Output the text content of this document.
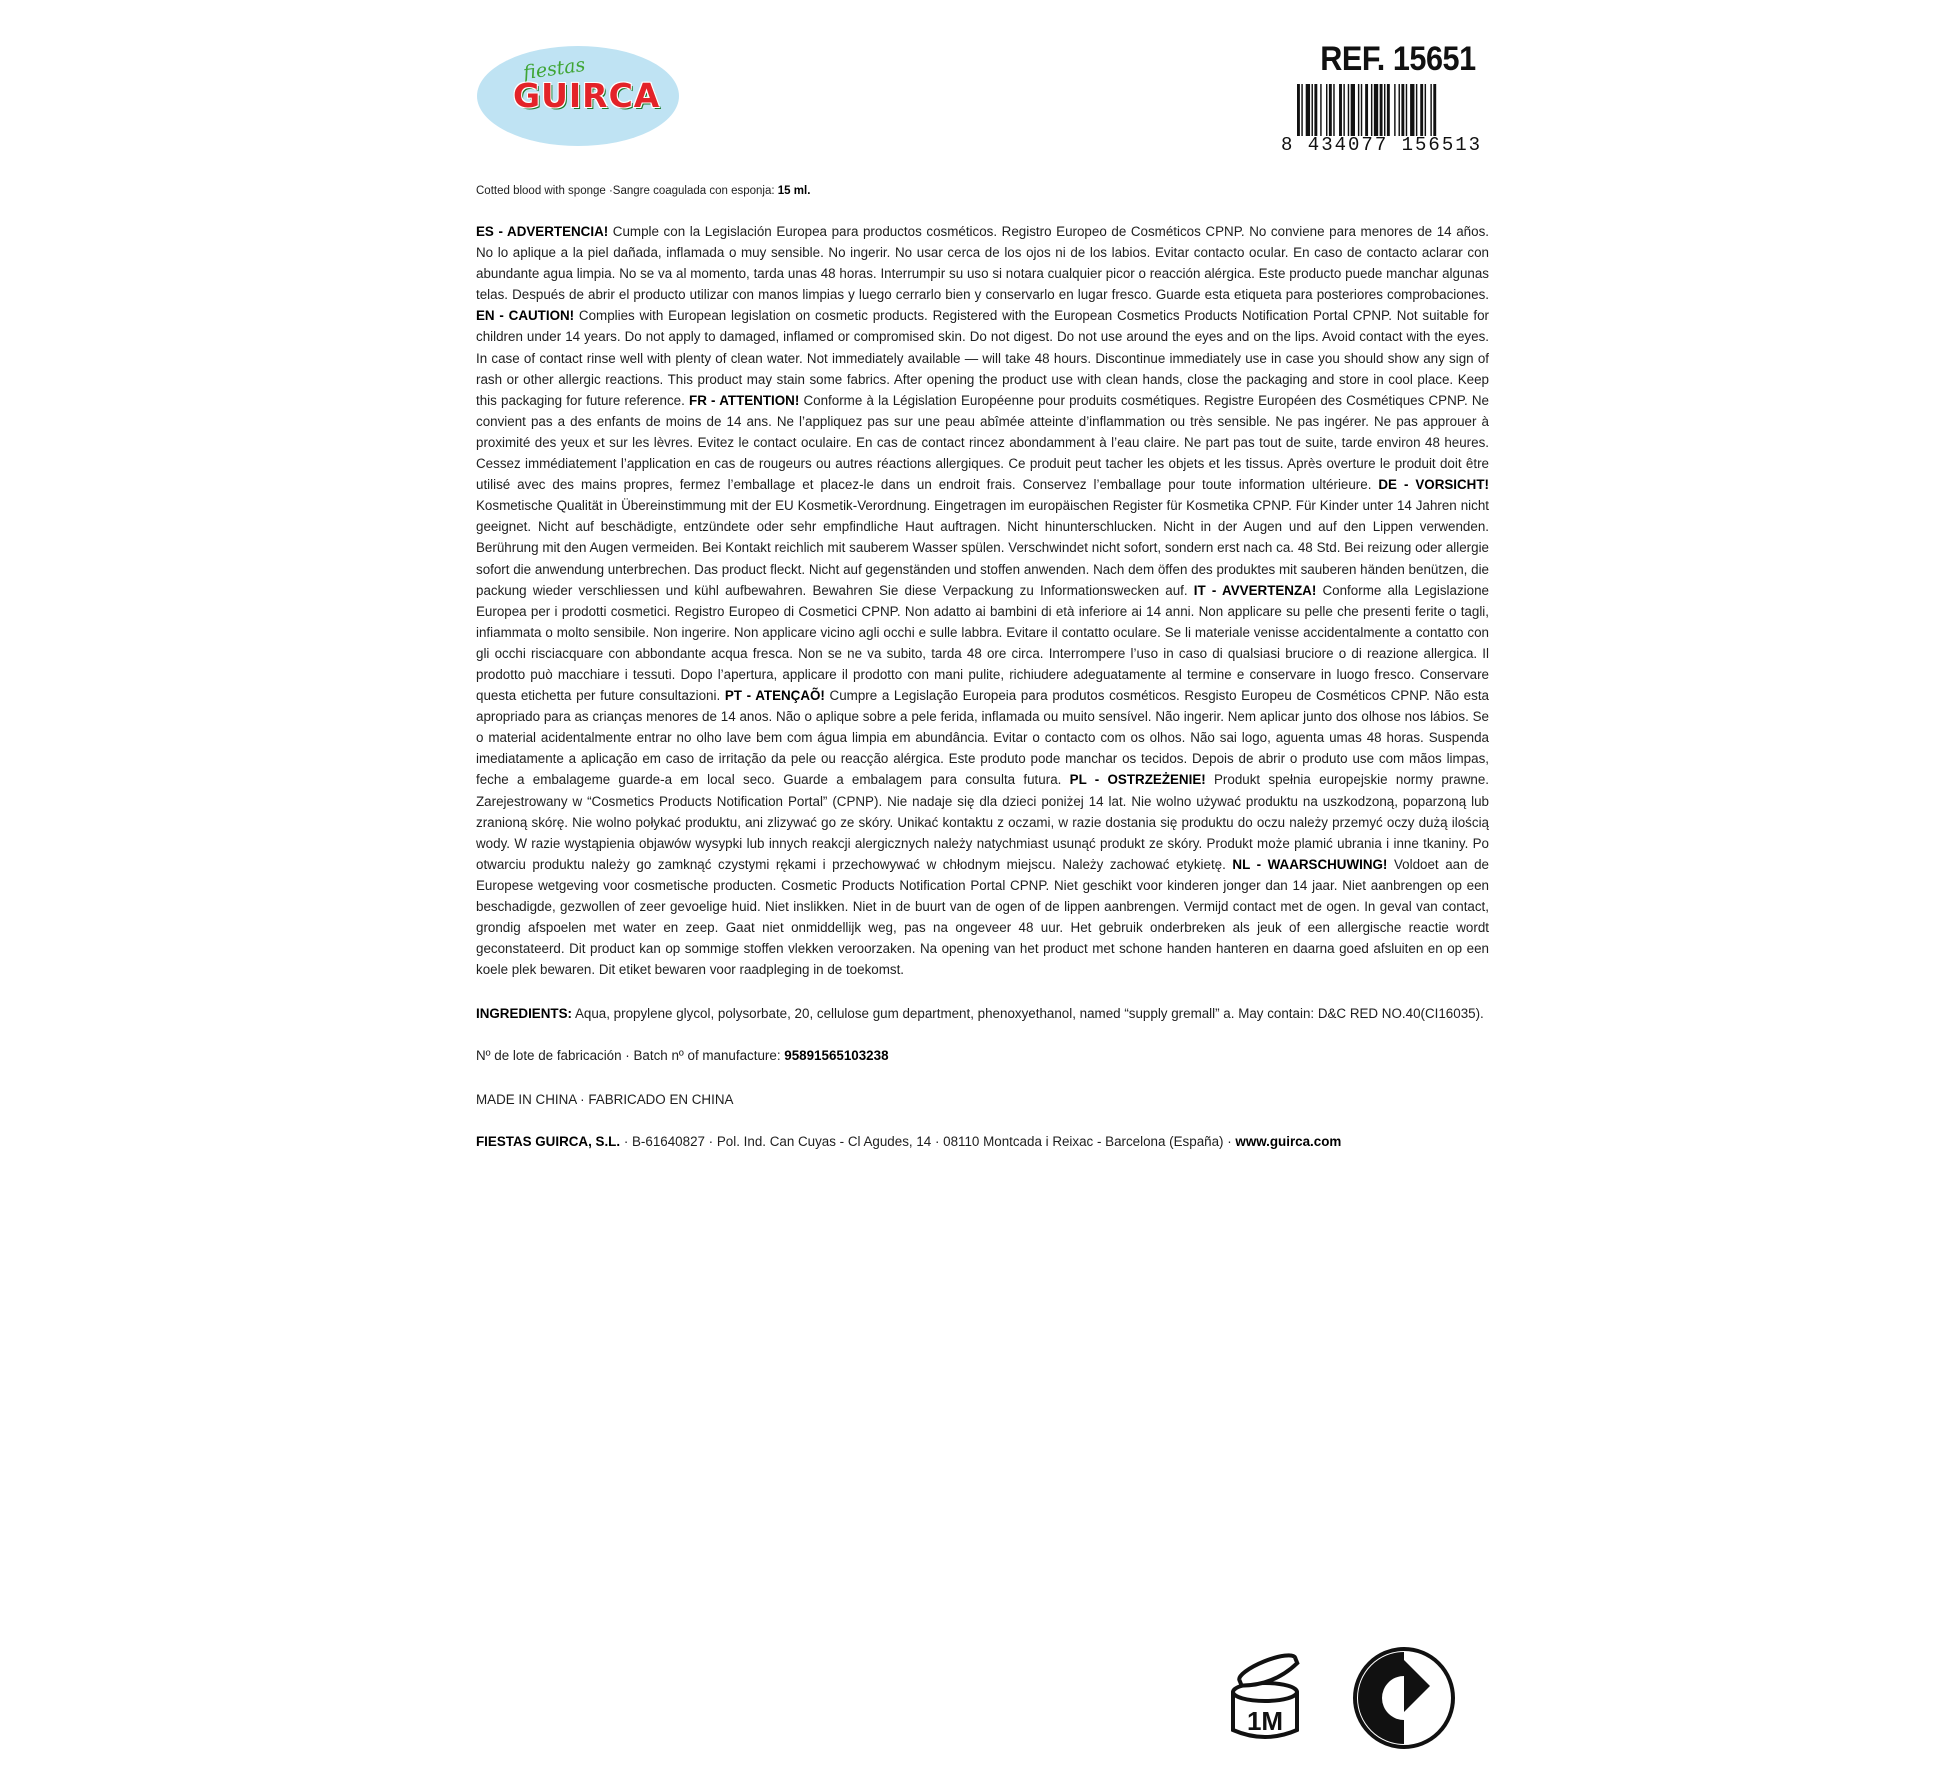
fiestas
GUIRCA
REF. 15651
8 434077 156513
Cotted blood with sponge ·Sangre coagulada con esponja: 15 ml.
ES - ADVERTENCIA! Cumple con la Legislación Europea para productos cosméticos. Registro Europeo de Cosméticos CPNP. No conviene para menores de 14 años. No lo aplique a la piel dañada, inflamada o muy sensible. No ingerir. No usar cerca de los ojos ni de los labios. Evitar contacto ocular. En caso de contacto aclarar con abundante agua limpia. No se va al momento, tarda unas 48 horas. Interrumpir su uso si notara cualquier picor o reacción alérgica. Este producto puede manchar algunas telas. Después de abrir el producto utilizar con manos limpias y luego cerrarlo bien y conservarlo en lugar fresco. Guarde esta etiqueta para posteriores comprobaciones. EN - CAUTION! Complies with European legislation on cosmetic products. Registered with the European Cosmetics Products Notification Portal CPNP. Not suitable for children under 14 years. Do not apply to damaged, inflamed or compromised skin. Do not digest. Do not use around the eyes and on the lips. Avoid contact with the eyes. In case of contact rinse well with plenty of clean water. Not immediately available — will take 48 hours. Discontinue immediately use in case you should show any sign of rash or other allergic reactions. This product may stain some fabrics. After opening the product use with clean hands, close the packaging and store in cool place. Keep this packaging for future reference. FR - ATTENTION! Conforme à la Législation Européenne pour produits cosmétiques. Registre Européen des Cosmétiques CPNP. Ne convient pas a des enfants de moins de 14 ans. Ne l’appliquez pas sur une peau abîmée atteinte d’inflammation ou très sensible. Ne pas ingérer. Ne pas approuer à proximité des yeux et sur les lèvres. Evitez le contact oculaire. En cas de contact rincez abondamment à l’eau claire. Ne part pas tout de suite, tarde environ 48 heures. Cessez immédiatement l’application en cas de rougeurs ou autres réactions allergiques. Ce produit peut tacher les objets et les tissus. Après overture le produit doit être utilisé avec des mains propres, fermez l’emballage et placez-le dans un endroit frais. Conservez l’emballage pour toute information ultérieure. DE - VORSICHT! Kosmetische Qualität in Übereinstimmung mit der EU Kosmetik-Verordnung. Eingetragen im europäischen Register für Kosmetika CPNP. Für Kinder unter 14 Jahren nicht geeignet. Nicht auf beschädigte, entzündete oder sehr empfindliche Haut auftragen. Nicht hinunterschlucken. Nicht in der Augen und auf den Lippen verwenden. Berührung mit den Augen vermeiden. Bei Kontakt reichlich mit sauberem Wasser spülen. Verschwindet nicht sofort, sondern erst nach ca. 48 Std. Bei reizung oder allergie sofort die anwendung unterbrechen. Das product fleckt. Nicht auf gegenständen und stoffen anwenden. Nach dem öffen des produktes mit sauberen händen benützen, die packung wieder verschliessen und kühl aufbewahren. Bewahren Sie diese Verpackung zu Informationswecken auf. IT - AVVERTENZA! Conforme alla Legislazione Europea per i prodotti cosmetici. Registro Europeo di Cosmetici CPNP. Non adatto ai bambini di età inferiore ai 14 anni. Non applicare su pelle che presenti ferite o tagli, infiammata o molto sensibile. Non ingerire. Non applicare vicino agli occhi e sulle labbra. Evitare il contatto oculare. Se li materiale venisse accidentalmente a contatto con gli occhi risciacquare con abbondante acqua fresca. Non se ne va subito, tarda 48 ore circa. Interrompere l’uso in caso di qualsiasi bruciore o di reazione allergica. Il prodotto può macchiare i tessuti. Dopo l’apertura, applicare il prodotto con mani pulite, richiudere adeguatamente al termine e conservare in luogo fresco. Conservare questa etichetta per future consultazioni. PT - ATENÇAÕ! Cumpre a Legislação Europeia para produtos cosméticos. Resgisto Europeu de Cosméticos CPNP. Não esta apropriado para as crianças menores de 14 anos. Não o aplique sobre a pele ferida, inflamada ou muito sensível. Não ingerir. Nem aplicar junto dos olhose nos lábios. Se o material acidentalmente entrar no olho lave bem com água limpia em abundância. Evitar o contacto com os olhos. Não sai logo, aguenta umas 48 horas. Suspenda imediatamente a aplicação em caso de irritação da pele ou reacção alérgica. Este produto pode manchar os tecidos. Depois de abrir o produto use com mãos limpas, feche a embalageme guarde-a em local seco. Guarde a embalagem para consulta futura. PL - OSTRZEŻENIE! Produkt spełnia europejskie normy prawne. Zarejestrowany w “Cosmetics Products Notification Portal” (CPNP). Nie nadaje się dla dzieci poniżej 14 lat. Nie wolno używać produktu na uszkodzoną, poparzoną lub zranioną skórę. Nie wolno połykać produktu, ani zlizywać go ze skóry. Unikać kontaktu z oczami, w razie dostania się produktu do oczu należy przemyć oczy dużą ilością wody. W razie wystąpienia objawów wysypki lub innych reakcji alergicznych należy natychmiast usunąć produkt ze skóry. Produkt może plamić ubrania i inne tkaniny. Po otwarciu produktu należy go zamknąć czystymi rękami i przechowywać w chłodnym miejscu. Należy zachować etykietę. NL - WAARSCHUWING! Voldoet aan de Europese wetgeving voor cosmetische producten. Cosmetic Products Notification Portal CPNP. Niet geschikt voor kinderen jonger dan 14 jaar. Niet aanbrengen op een beschadigde, gezwollen of zeer gevoelige huid. Niet inslikken. Niet in de buurt van de ogen of de lippen aanbrengen. Vermijd contact met de ogen. In geval van contact, grondig afspoelen met water en zeep. Gaat niet onmiddellijk weg, pas na ongeveer 48 uur. Het gebruik onderbreken als jeuk of een allergische reactie wordt geconstateerd. Dit product kan op sommige stoffen vlekken veroorzaken. Na opening van het product met schone handen hanteren en daarna goed afsluiten en op een koele plek bewaren. Dit etiket bewaren voor raadpleging in de toekomst.
INGREDIENTS: Aqua, propylene glycol, polysorbate, 20, cellulose gum department, phenoxyethanol, named “supply gremall” a. May contain: D&C RED NO.40(CI16035).
Nº de lote de fabricación · Batch nº of manufacture: 95891565103238
MADE IN CHINA · FABRICADO EN CHINA
FIESTAS GUIRCA, S.L. · B-61640827 · Pol. Ind. Can Cuyas - Cl Agudes, 14 · 08110 Montcada i Reixac - Barcelona (España) · www.guirca.com
1M
